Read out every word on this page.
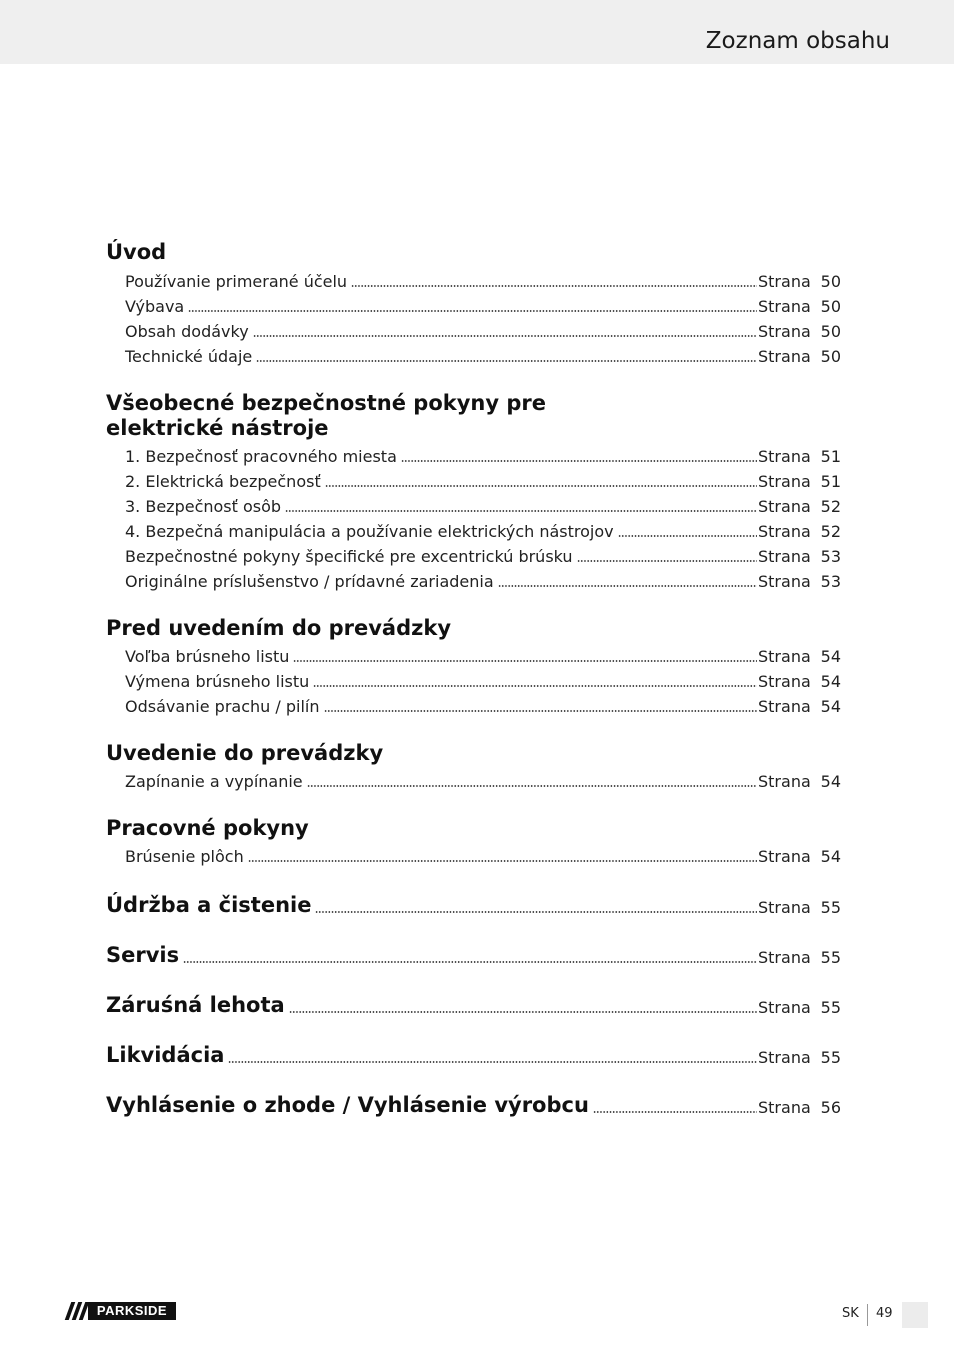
Zoznam obsahu
Úvod
Používanie primerané účelu	Strana 50
Výbava	Strana 50
Obsah dodávky	Strana 50
Technické údaje	Strana 50
Všeobecné bezpečnostné pokyny pre
elektrické nástroje
1. Bezpečnosť pracovného miesta	Strana 51
2. Elektrická bezpečnosť	Strana 51
3. Bezpečnosť osôb	Strana 52
4. Bezpečná manipulácia a používanie elektrických nástrojov	Strana 52
Bezpečnostné pokyny špecifické pre excentrickú brúsku	Strana 53
Originálne príslušenstvo / prídavné zariadenia	Strana 53
Pred uvedením do prevádzky
Voľba brúsneho listu	Strana 54
Výmena brúsneho listu	Strana 54
Odsávanie prachu / pilín	Strana 54
Uvedenie do prevádzky
Zapínanie a vypínanie	Strana 54
Pracovné pokyny
Brúsenie plôch	Strana 54
Údržba a čistenie	Strana 55
Servis	Strana 55
Záruśná lehota	Strana 55
Likvidácia	Strana 55
Vyhlásenie o zhode / Vyhlásenie výrobcu	Strana 56
PARKSIDE	SK 49
